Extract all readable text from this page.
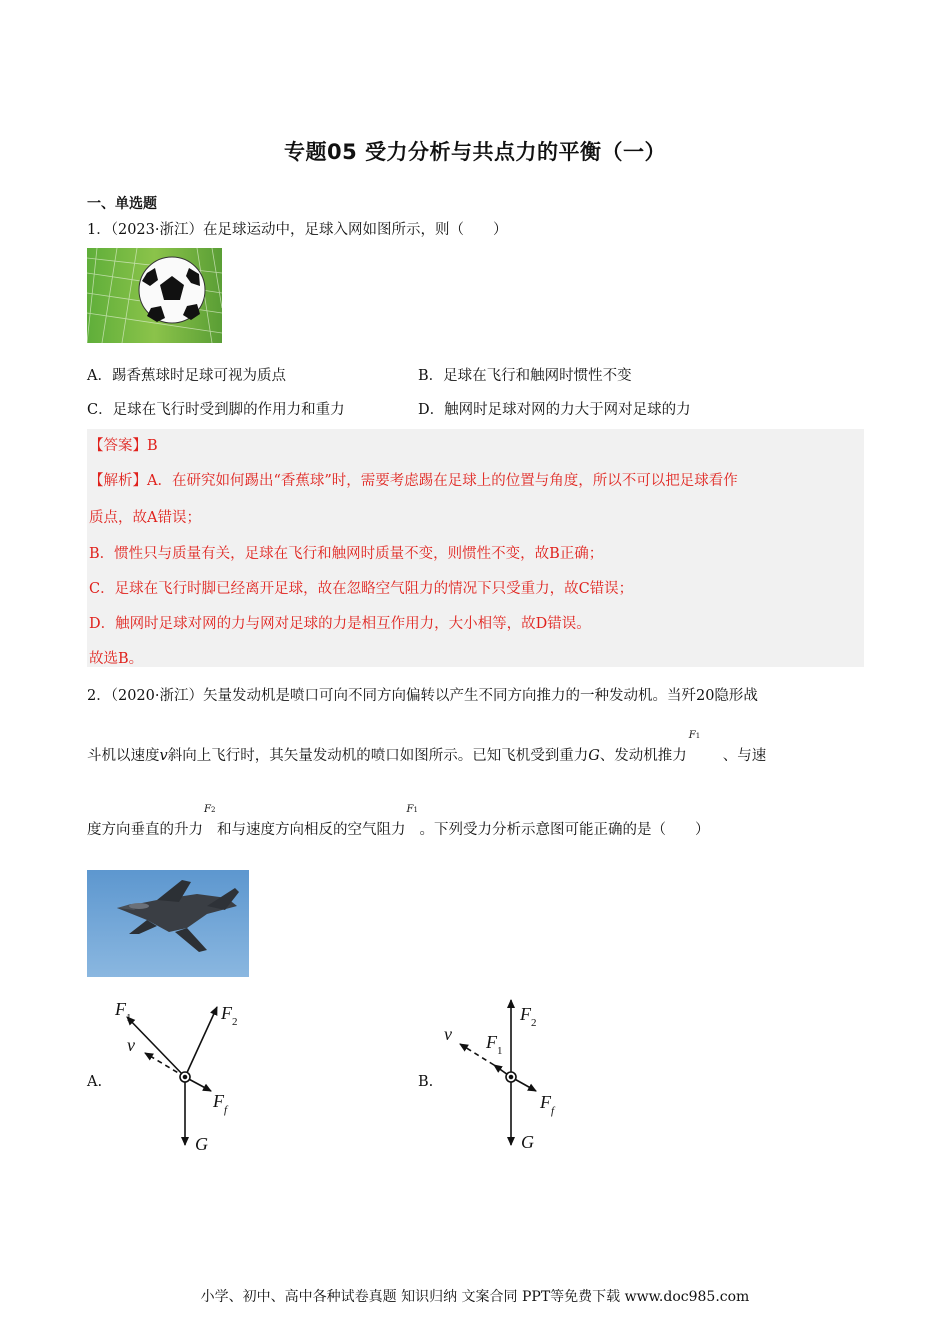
专题05 受力分析与共点力的平衡（一）
一、单选题
1．（2023·浙江）在足球运动中，足球入网如图所示，则（　　）
A．踢香蕉球时足球可视为质点	B．足球在飞行和触网时惯性不变
C．足球在飞行时受到脚的作用力和重力	D．触网时足球对网的力大于网对足球的力
【答案】B
【解析】A．在研究如何踢出“香蕉球”时，需要考虑踢在足球上的位置与角度，所以不可以把足球看作
质点，故A错误；
B．惯性只与质量有关，足球在飞行和触网时质量不变，则惯性不变，故B正确；
C．足球在飞行时脚已经离开足球，故在忽略空气阻力的情况下只受重力，故C错误；
D．触网时足球对网的力与网对足球的力是相互作用力，大小相等，故D错误。
故选B。
2．（2020·浙江）矢量发动机是喷口可向不同方向偏转以产生不同方向推力的一种发动机。当歼20隐形战
斗机以速度v斜向上飞行时，其矢量发动机的喷口如图所示。已知飞机受到重力G、发动机推力
F1
、与速
度方向垂直的升力
F2
和与速度方向相反的空气阻力
F1
。下列受力分析示意图可能正确的是（　　）
A.
F 1	F 2
v
F f
G
B.
F 2
v F 1
F f
G
小学、初中、高中各种试卷真题 知识归纳 文案合同 PPT等免费下载 www.doc985.com
